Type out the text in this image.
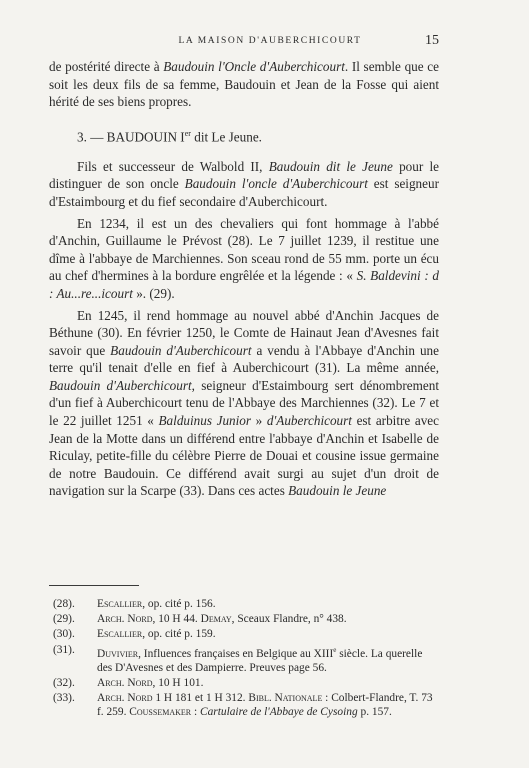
LA MAISON D'AUBERCHICOURT	15

de postérité directe à Baudouin l'Oncle d'Auberchicourt. Il semble que ce soit les deux fils de sa femme, Baudouin et Jean de la Fosse qui aient hérité de ses biens propres.

3. — BAUDOUIN Ier dit Le Jeune.

Fils et successeur de Walbold II, Baudouin dit le Jeune pour le distinguer de son oncle Baudouin l'oncle d'Auberchicourt est seigneur d'Estaimbourg et du fief secondaire d'Auberchicourt.

En 1234, il est un des chevaliers qui font hommage à l'abbé d'Anchin, Guillaume le Prévost (28). Le 7 juillet 1239, il restitue une dîme à l'abbaye de Marchiennes. Son sceau rond de 55 mm. porte un écu au chef d'hermines à la bordure engrêlée et la légende : « S. Baldevini : d : Au...re...icourt ». (29).

En 1245, il rend hommage au nouvel abbé d'Anchin Jacques de Béthune (30). En février 1250, le Comte de Hainaut Jean d'Avesnes fait savoir que Baudouin d'Auberchicourt a vendu à l'Abbaye d'Anchin une terre qu'il tenait d'elle en fief à Auberchicourt (31). La même année, Baudouin d'Auberchicourt, seigneur d'Estaimbourg sert dénombrement d'un fief à Auberchicourt tenu de l'Abbaye des Marchiennes (32). Le 7 et le 22 juillet 1251 « Balduinus Junior » d'Auberchicourt est arbitre avec Jean de la Motte dans un différend entre l'abbaye d'Anchin et Isabelle de Riculay, petite-fille du célèbre Pierre de Douai et cousine issue germaine de notre Baudouin. Ce différend avait surgi au sujet d'un droit de navigation sur la Scarpe (33). Dans ces actes Baudouin le Jeune

(28).	Escallier, op. cité p. 156.
(29).	Arch. Nord, 10 H 44. Demay, Sceaux Flandre, n° 438.
(30).	Escallier, op. cité p. 159.
(31).	Duvivier, Influences françaises en Belgique au XIIIe siècle. La querelle des D'Avesnes et des Dampierre. Preuves page 56.
(32).	Arch. Nord, 10 H 101.
(33).	Arch. Nord 1 H 181 et 1 H 312. Bibl. Nationale : Colbert-Flandre, T. 73 f. 259. Coussemaker : Cartulaire de l'Abbaye de Cysoing p. 157.
